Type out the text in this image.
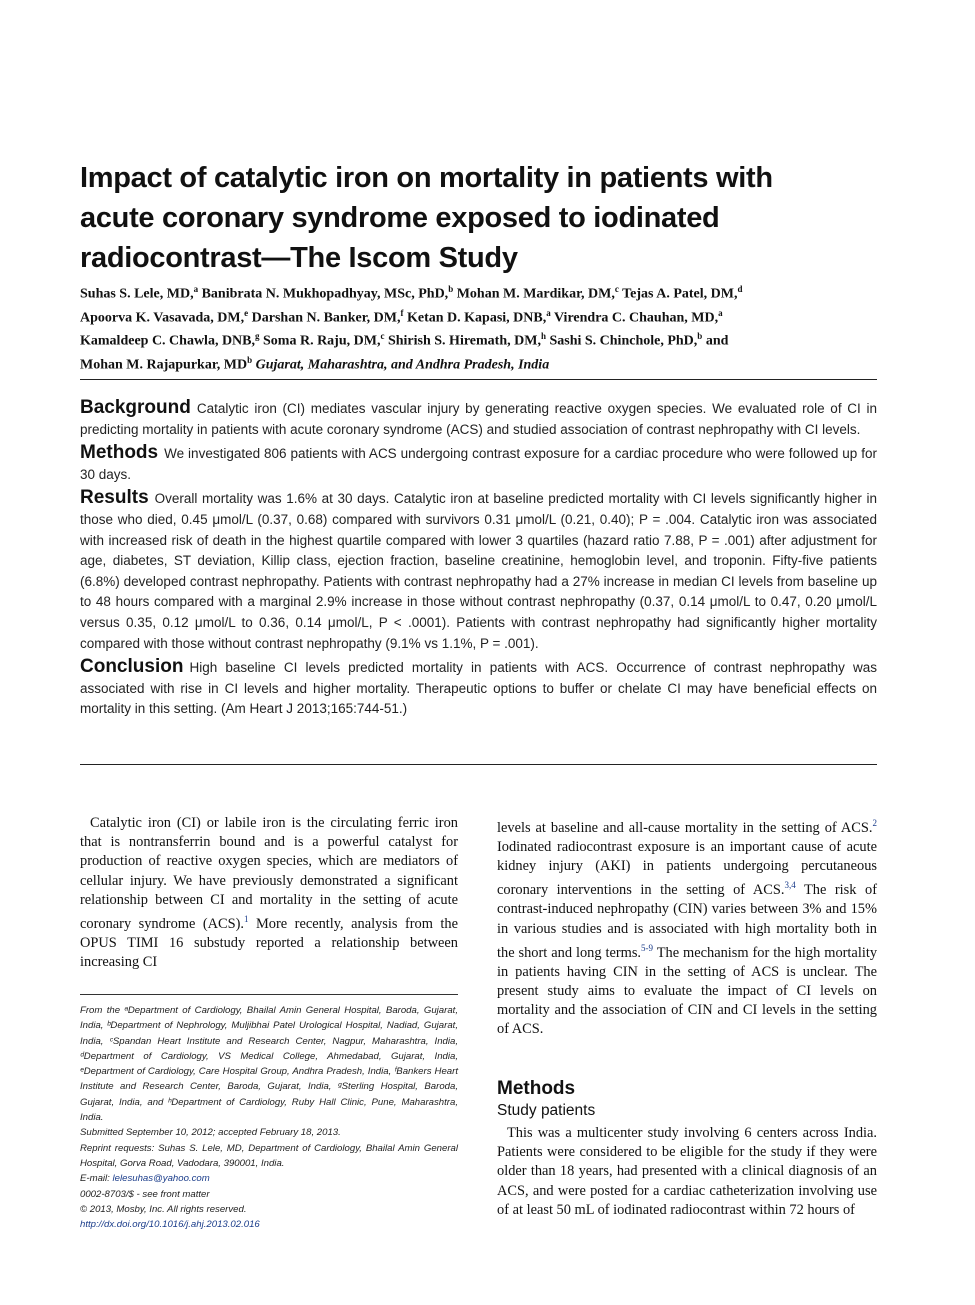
Impact of catalytic iron on mortality in patients with
acute coronary syndrome exposed to iodinated
radiocontrast—The Iscom Study
Suhas S. Lele, MD,$^a$ Banibrata N. Mukhopadhyay, MSc, PhD,$^b$ Mohan M. Mardikar, DM,$^c$ Tejas A. Patel, DM,$^d$
Apoorva K. Vasavada, DM,$^e$ Darshan N. Banker, DM,$^f$ Ketan D. Kapasi, DNB,$^a$ Virendra C. Chauhan, MD,$^a$
Kamaldeep C. Chawla, DNB,$^g$ Soma R. Raju, DM,$^c$ Shirish S. Hiremath, DM,$^h$ Sashi S. Chinchole, PhD,$^b$ and
Mohan M. Rajapurkar, $MD^b$ Gujarat, Maharashtra, and Andhra Pradesh, India

Background Catalytic iron (CI) mediates vascular injury by generating reactive oxygen species. We evaluated role of CI in predicting mortality in patients with acute coronary syndrome (ACS) and studied association of contrast nephropathy with CI levels.

Methods We investigated 806 patients with ACS undergoing contrast exposure for a cardiac procedure who were followed up for 30 days.

Results Overall mortality was 1.6% at 30 days. Catalytic iron at baseline predicted mortality with CI levels significantly higher in those who died, 0.45 μmol/L (0.37, 0.68) compared with survivors 0.31 μmol/L (0.21, 0.40); P = .004. Catalytic iron was associated with increased risk of death in the highest quartile compared with lower 3 quartiles (hazard ratio 7.88, P = .001) after adjustment for age, diabetes, ST deviation, Killip class, ejection fraction, baseline creatinine, hemoglobin level, and troponin. Fifty-five patients (6.8%) developed contrast nephropathy. Patients with contrast nephropathy had a 27% increase in median CI levels from baseline up to 48 hours compared with a marginal 2.9% increase in those without contrast nephropathy (0.37, 0.14 μmol/L to 0.47, 0.20 μmol/L versus 0.35, 0.12 μmol/L to 0.36, 0.14 μmol/L, P < .0001). Patients with contrast nephropathy had significantly higher mortality compared with those without contrast nephropathy (9.1% vs 1.1%, P = .001).

Conclusion High baseline CI levels predicted mortality in patients with ACS. Occurrence of contrast nephropathy was associated with rise in CI levels and higher mortality. Therapeutic options to buffer or chelate CI may have beneficial effects on mortality in this setting. (Am Heart J 2013;165:744-51.)

Catalytic iron (CI) or labile iron is the circulating ferric iron that is nontransferrin bound and is a powerful catalyst for production of reactive oxygen species, which are mediators of cellular injury. We have previously demonstrated a significant relationship between CI and mortality in the setting of acute coronary syndrome (ACS).$^1$ More recently, analysis from the OPUS TIMI 16 substudy reported a relationship between increasing CI

From the ᵃDepartment of Cardiology, Bhailal Amin General Hospital, Baroda, Gujarat, India, ᵇDepartment of Nephrology, Muljibhai Patel Urological Hospital, Nadiad, Gujarat, India, ᶜSpandan Heart Institute and Research Center, Nagpur, Maharashtra, India, ᵈDepartment of Cardiology, VS Medical College, Ahmedabad, Gujarat, India, ᵉDepartment of Cardiology, Care Hospital Group, Andhra Pradesh, India, ᶠBankers Heart Institute and Research Center, Baroda, Gujarat, India, ᵍSterling Hospital, Baroda, Gujarat, India, and ʰDepartment of Cardiology, Ruby Hall Clinic, Pune, Maharashtra, India.

Submitted September 10, 2012; accepted February 18, 2013.

Reprint requests: Suhas S. Lele, MD, Department of Cardiology, Bhailal Amin General Hospital, Gorva Road, Vadodara, 390001, India.

E-mail: lelesuhas@yahoo.com

0002-8703/$ - see front matter

© 2013, Mosby, Inc. All rights reserved.

http://dx.doi.org/10.1016/j.ahj.2013.02.016

levels at baseline and all-cause mortality in the setting of ACS.$^2$ Iodinated radiocontrast exposure is an important cause of acute kidney injury (AKI) in patients undergoing percutaneous coronary interventions in the setting of ACS.$^{3,4}$ The risk of contrast-induced nephropathy (CIN) varies between 3% and 15% in various studies and is associated with high mortality both in the short and long terms.$^{5-9}$ The mechanism for the high mortality in patients having CIN in the setting of ACS is unclear. The present study aims to evaluate the impact of CI levels on mortality and the association of CIN and CI levels in the setting of ACS.

Methods
Study patients

This was a multicenter study involving 6 centers across India. Patients were considered to be eligible for the study if they were older than 18 years, had presented with a clinical diagnosis of an ACS, and were posted for a cardiac catheterization involving use of at least 50 mL of iodinated radiocontrast within 72 hours of
